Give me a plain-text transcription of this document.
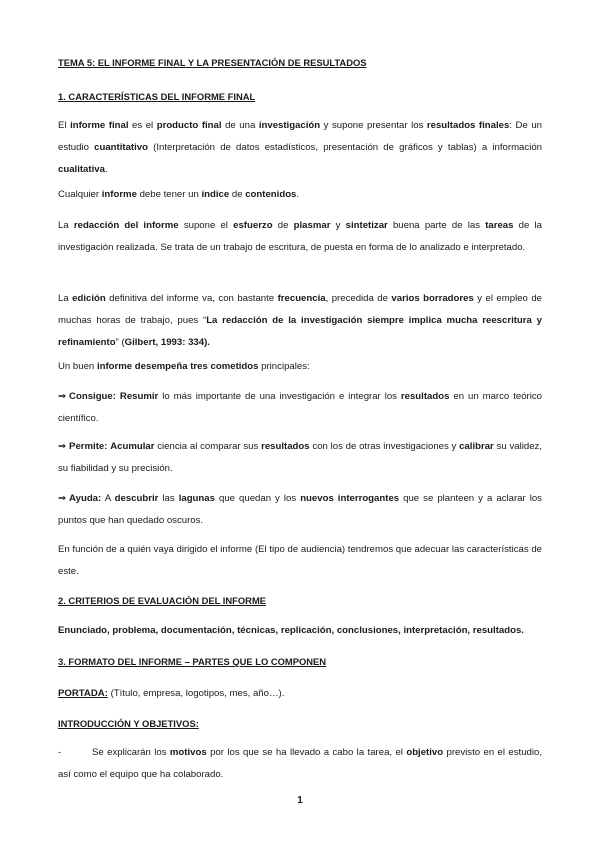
TEMA 5: EL INFORME FINAL Y LA PRESENTACIÓN DE RESULTADOS

1. CARACTERÍSTICAS DEL INFORME FINAL

El informe final es el producto final de una investigación y supone presentar los resultados finales: De un estudio cuantitativo (Interpretación de datos estadísticos, presentación de gráficos y tablas) a información cualitativa.

Cualquier informe debe tener un índice de contenidos.

La redacción del informe supone el esfuerzo de plasmar y sintetizar buena parte de las tareas de la investigación realizada. Se trata de un trabajo de escritura, de puesta en forma de lo analizado e interpretado.

La edición definitiva del informe va, con bastante frecuencia, precedida de varios borradores y el empleo de muchas horas de trabajo, pues “La redacción de la investigación siempre implica mucha reescritura y refinamiento” (Gilbert, 1993: 334).

Un buen informe desempeña tres cometidos principales:

⇒ Consigue: Resumir lo más importante de una investigación e integrar los resultados en un marco teórico científico.

⇒ Permite: Acumular ciencia al comparar sus resultados con los de otras investigaciones y calibrar su validez, su fiabilidad y su precisión.

⇒ Ayuda: A descubrir las lagunas que quedan y los nuevos interrogantes que se planteen y a aclarar los puntos que han quedado oscuros.

En función de a quién vaya dirigido el informe (El tipo de audiencia) tendremos que adecuar las características de este.

2. CRITERIOS DE EVALUACIÓN DEL INFORME

Enunciado, problema, documentación, técnicas, replicación, conclusiones, interpretación, resultados.

3. FORMATO DEL INFORME – PARTES QUE LO COMPONEN

PORTADA: (Título, empresa, logotipos, mes, año…).

INTRODUCCIÓN Y OBJETIVOS:

-	Se explicarán los motivos por los que se ha llevado a cabo la tarea, el objetivo previsto en el estudio, así como el equipo que ha colaborado.

1
